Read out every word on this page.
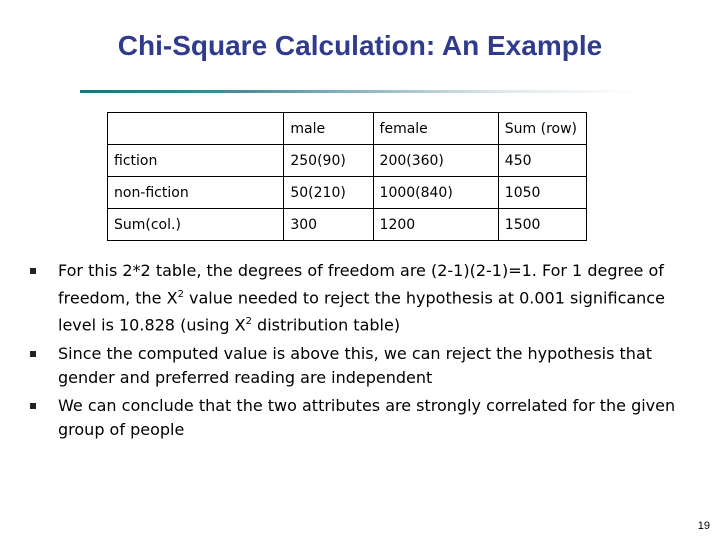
Chi-Square Calculation: An Example
	male	female	Sum (row)
fiction	250(90)	200(360)	450
non-fiction	50(210)	1000(840)	1050
Sum(col.)	300	1200	1500
For this 2*2 table, the degrees of freedom are (2-1)(2-1)=1. For 1 degree of freedom, the $X^2$ value needed to reject the hypothesis at 0.001 significance level is 10.828 (using $X^2$ distribution table)
Since the computed value is above this, we can reject the hypothesis that gender and preferred reading are independent
We can conclude that the two attributes are strongly correlated for the given group of people
19
